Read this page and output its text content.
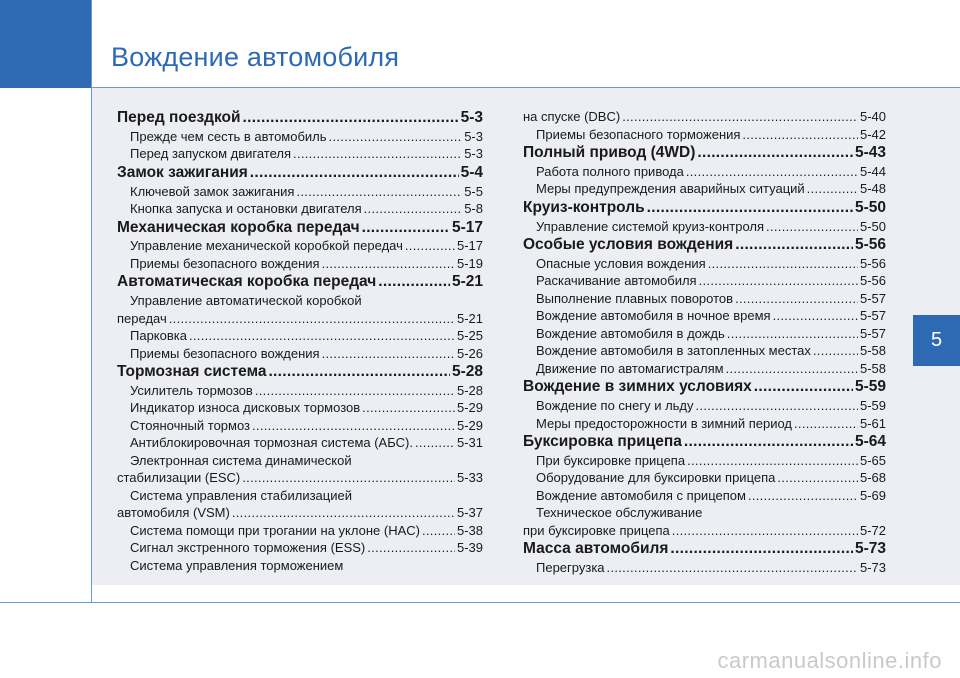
Вождение автомобиля
5
carmanualsonline.info
Перед поездкой .....	5-3
Прежде чем сесть в автомобиль .....	5-3
Перед запуском двигателя .....	5-3
Замок зажигания .....	5-4
Ключевой замок зажигания .....	5-5
Кнопка запуска и остановки двигателя .....	5-8
Механическая коробка передач .....	5-17
Управление механической коробкой передач .....	5-17
Приемы безопасного вождения .....	5-19
Автоматическая коробка передач .....	5-21
Управление автоматической коробкой
передач .....	5-21
Парковка .....	5-25
Приемы безопасного вождения .....	5-26
Тормозная система .....	5-28
Усилитель тормозов .....	5-28
Индикатор износа дисковых тормозов .....	5-29
Стояночный тормоз .....	5-29
Антиблокировочная тормозная система (АБС). .....	5-31
Электронная система динамической
стабилизации (ESC) .....	5-33
Система управления стабилизацией
автомобиля (VSM) .....	5-37
Система помощи при трогании на уклоне (HAC) .....	5-38
Сигнал экстренного торможения (ESS) .....	5-39
Система управления торможением
на спуске (DBC) .....	5-40
Приемы безопасного торможения .....	5-42
Полный привод (4WD) .....	5-43
Работа полного привода .....	5-44
Меры предупреждения аварийных ситуаций .....	5-48
Круиз-контроль .....	5-50
Управление системой круиз-контроля .....	5-50
Особые условия вождения .....	5-56
Опасные условия вождения .....	5-56
Раскачивание автомобиля .....	5-56
Выполнение плавных поворотов .....	5-57
Вождение автомобиля в ночное время .....	5-57
Вождение автомобиля в дождь .....	5-57
Вождение автомобиля в затопленных местах .....	5-58
Движение по автомагистралям .....	5-58
Вождение в зимних условиях .....	5-59
Вождение по снегу и льду .....	5-59
Меры предосторожности в зимний период .....	5-61
Буксировка прицепа .....	5-64
При буксировке прицепа .....	5-65
Оборудование для буксировки прицепа .....	5-68
Вождение автомобиля с прицепом .....	5-69
Техническое обслуживание
при буксировке прицепа .....	5-72
Масса автомобиля .....	5-73
Перегрузка .....	5-73
